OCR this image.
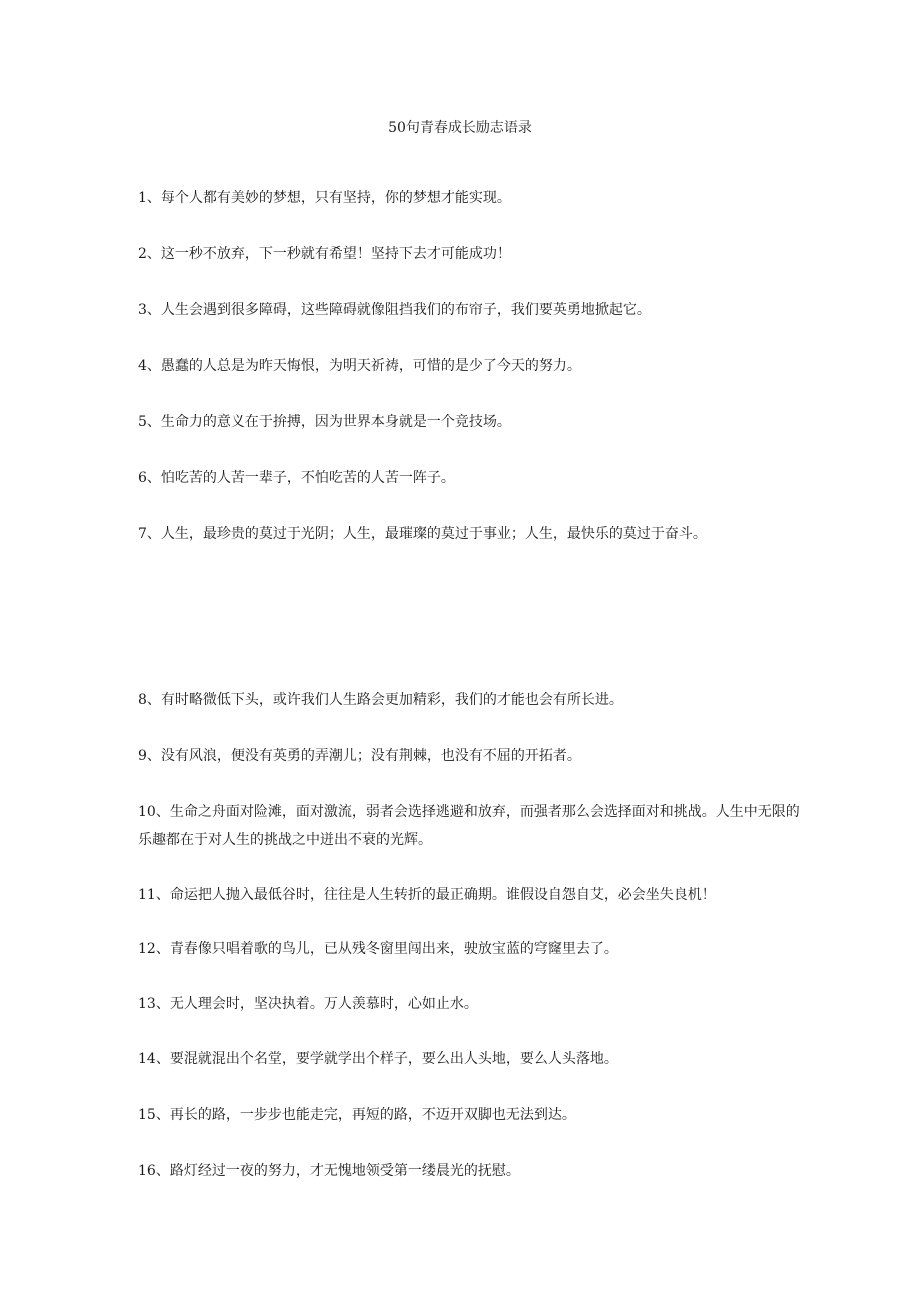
50句青春成长励志语录
1、每个人都有美妙的梦想，只有坚持，你的梦想才能实现。
2、这一秒不放弃，下一秒就有希望！坚持下去才可能成功！
3、人生会遇到很多障碍，这些障碍就像阻挡我们的布帘子，我们要英勇地掀起它。
4、愚蠢的人总是为昨天悔恨，为明天祈祷，可惜的是少了今天的努力。
5、生命力的意义在于拚搏，因为世界本身就是一个竞技场。
6、怕吃苦的人苦一辈子，不怕吃苦的人苦一阵子。
7、人生，最珍贵的莫过于光阴；人生，最璀璨的莫过于事业；人生，最快乐的莫过于奋斗。
8、有时略微低下头，或许我们人生路会更加精彩，我们的才能也会有所长进。
9、没有风浪，便没有英勇的弄潮儿；没有荆棘，也没有不屈的开拓者。
10、生命之舟面对险滩，面对激流，弱者会选择逃避和放弃，而强者那么会选择面对和挑战。人生中无限的乐趣都在于对人生的挑战之中迸出不衰的光辉。
11、命运把人抛入最低谷时，往往是人生转折的最正确期。谁假设自怨自艾，必会坐失良机！
12、青春像只唱着歌的鸟儿，已从残冬窗里闯出来，驶放宝蓝的穹窿里去了。
13、无人理会时，坚决执着。万人羡慕时，心如止水。
14、要混就混出个名堂，要学就学出个样子，要么出人头地，要么人头落地。
15、再长的路，一步步也能走完，再短的路，不迈开双脚也无法到达。
16、路灯经过一夜的努力，才无愧地领受第一缕晨光的抚慰。
